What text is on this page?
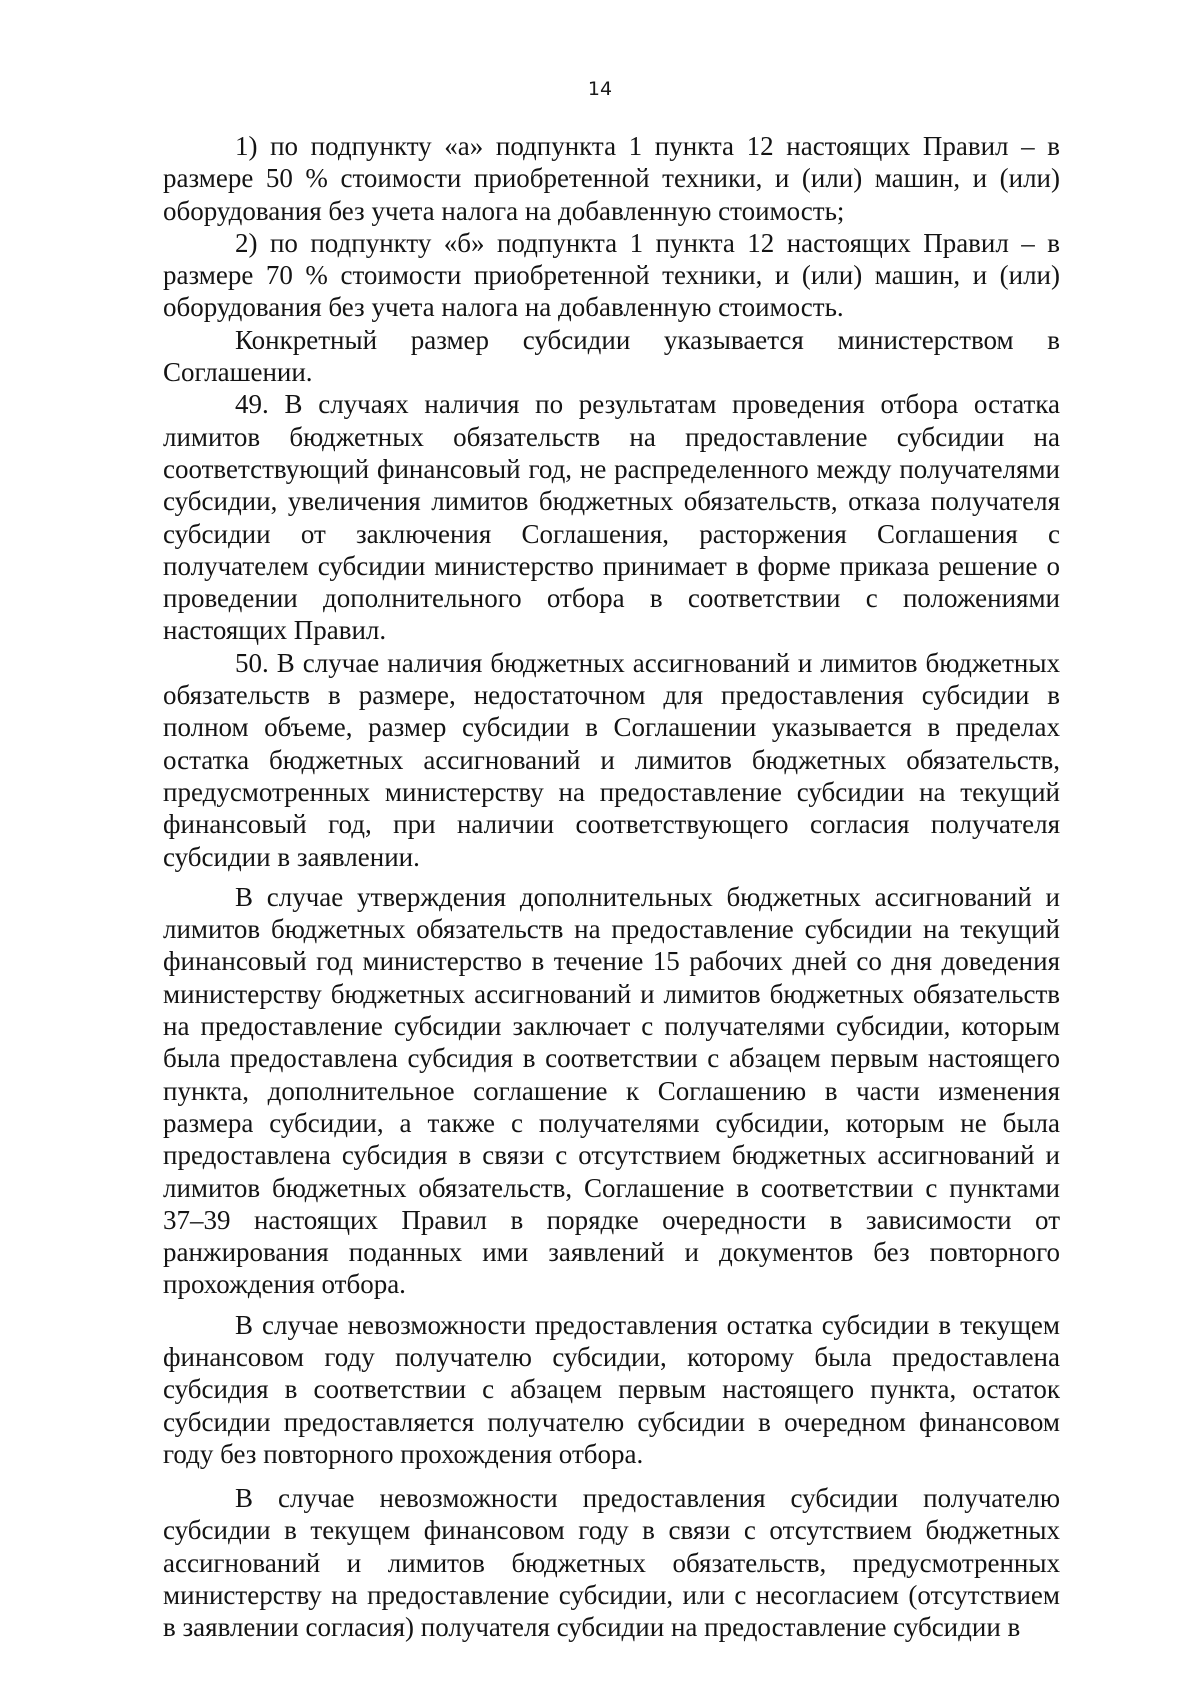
14

1) по подпункту «а» подпункта 1 пункта 12 настоящих Правил – в размере 50 % стоимости приобретенной техники, и (или) машин, и (или) оборудования без учета налога на добавленную стоимость;

2) по подпункту «б» подпункта 1 пункта 12 настоящих Правил – в размере 70 % стоимости приобретенной техники, и (или) машин, и (или) оборудования без учета налога на добавленную стоимость.

Конкретный размер субсидии указывается министерством в Соглашении.

49. В случаях наличия по результатам проведения отбора остатка лимитов бюджетных обязательств на предоставление субсидии на соответствующий финансовый год, не распределенного между получателями субсидии, увеличения лимитов бюджетных обязательств, отказа получателя субсидии от заключения Соглашения, расторжения Соглашения с получателем субсидии министерство принимает в форме приказа решение о проведении дополнительного отбора в соответствии с положениями настоящих Правил.

50. В случае наличия бюджетных ассигнований и лимитов бюджетных обязательств в размере, недостаточном для предоставления субсидии в полном объеме, размер субсидии в Соглашении указывается в пределах остатка бюджетных ассигнований и лимитов бюджетных обязательств, предусмотренных министерству на предоставление субсидии на текущий финансовый год, при наличии соответствующего согласия получателя субсидии в заявлении.

В случае утверждения дополнительных бюджетных ассигнований и лимитов бюджетных обязательств на предоставление субсидии на текущий финансовый год министерство в течение 15 рабочих дней со дня доведения министерству бюджетных ассигнований и лимитов бюджетных обязательств на предоставление субсидии заключает с получателями субсидии, которым была предоставлена субсидия в соответствии с абзацем первым настоящего пункта, дополнительное соглашение к Соглашению в части изменения размера субсидии, а также с получателями субсидии, которым не была предоставлена субсидия в связи с отсутствием бюджетных ассигнований и лимитов бюджетных обязательств, Соглашение в соответствии с пунктами 37–39 настоящих Правил в порядке очередности в зависимости от ранжирования поданных ими заявлений и документов без повторного прохождения отбора.

В случае невозможности предоставления остатка субсидии в текущем финансовом году получателю субсидии, которому была предоставлена субсидия в соответствии с абзацем первым настоящего пункта, остаток субсидии предоставляется получателю субсидии в очередном финансовом году без повторного прохождения отбора.

В случае невозможности предоставления субсидии получателю субсидии в текущем финансовом году в связи с отсутствием бюджетных ассигнований и лимитов бюджетных обязательств, предусмотренных министерству на предоставление субсидии, или с несогласием (отсутствием в заявлении согласия) получателя субсидии на предоставление субсидии в
